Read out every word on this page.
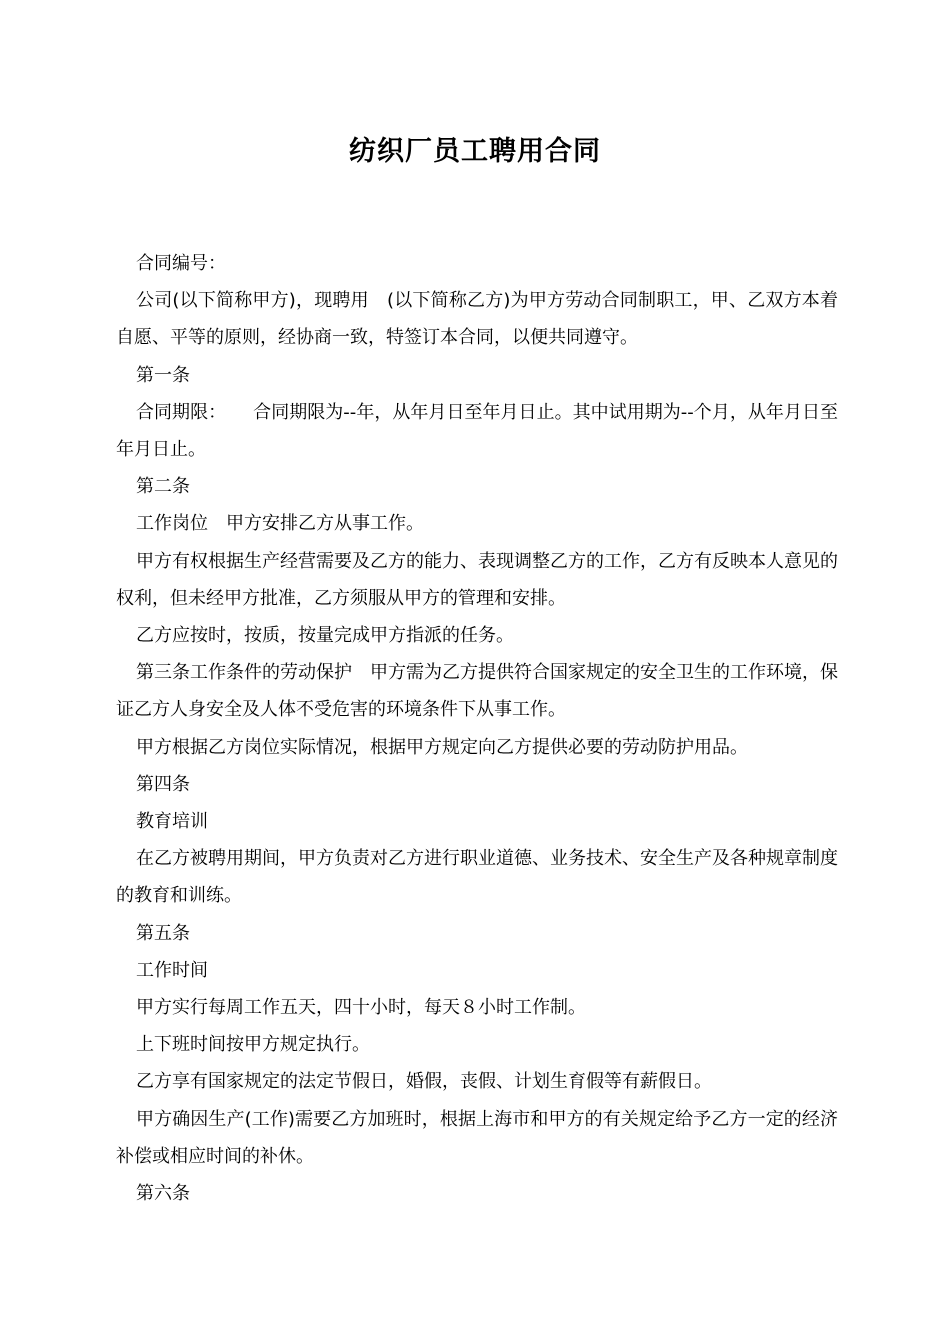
纺织厂员工聘用合同

合同编号：

公司(以下简称甲方)，现聘用　(以下简称乙方)为甲方劳动合同制职工，甲、乙双方本着自愿、平等的原则，经协商一致，特签订本合同，以便共同遵守。

第一条

合同期限：　　合同期限为--年，从年月日至年月日止。其中试用期为--个月，从年月日至年月日止。

第二条

工作岗位　甲方安排乙方从事工作。

甲方有权根据生产经营需要及乙方的能力、表现调整乙方的工作，乙方有反映本人意见的权利，但未经甲方批准，乙方须服从甲方的管理和安排。

乙方应按时，按质，按量完成甲方指派的任务。

第三条工作条件的劳动保护　甲方需为乙方提供符合国家规定的安全卫生的工作环境，保证乙方人身安全及人体不受危害的环境条件下从事工作。

甲方根据乙方岗位实际情况，根据甲方规定向乙方提供必要的劳动防护用品。

第四条

教育培训

在乙方被聘用期间，甲方负责对乙方进行职业道德、业务技术、安全生产及各种规章制度的教育和训练。

第五条

工作时间

甲方实行每周工作五天，四十小时，每天８小时工作制。

上下班时间按甲方规定执行。

乙方享有国家规定的法定节假日，婚假，丧假、计划生育假等有薪假日。

甲方确因生产(工作)需要乙方加班时，根据上海市和甲方的有关规定给予乙方一定的经济补偿或相应时间的补休。

第六条
